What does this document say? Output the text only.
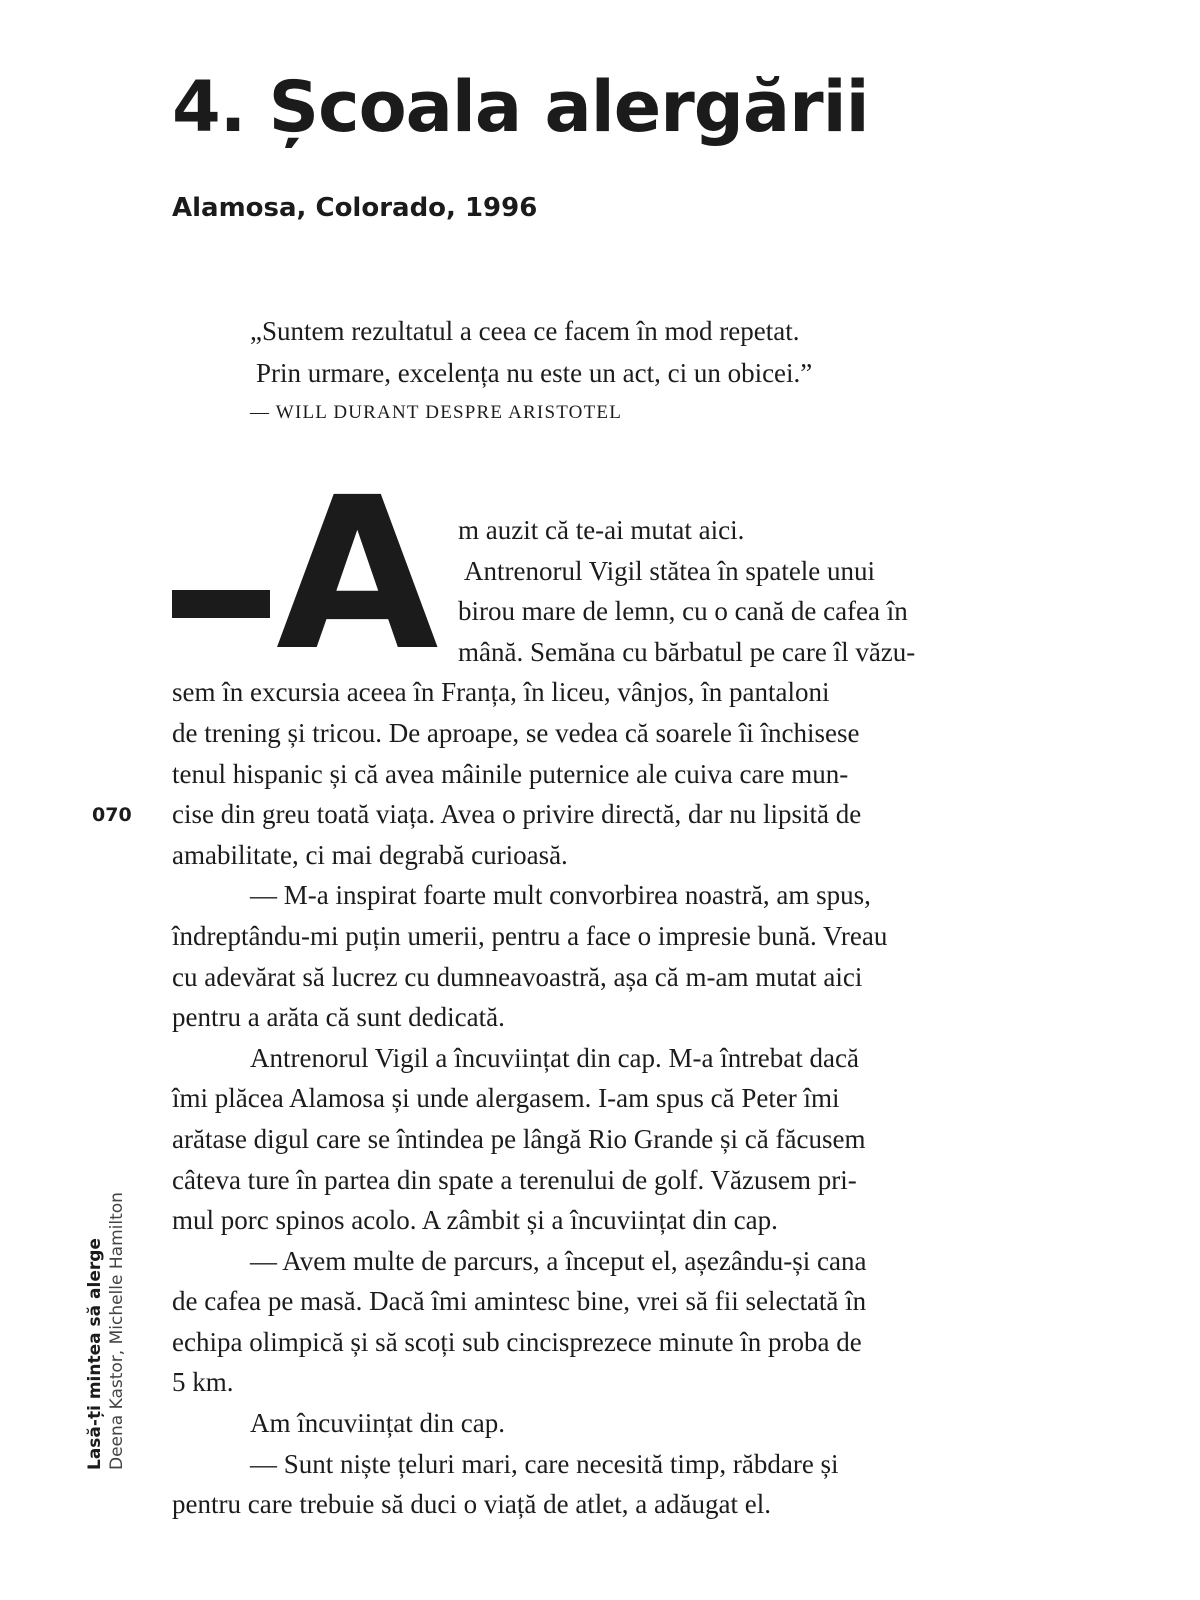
4. Școala alergării
Alamosa, Colorado, 1996
„Suntem rezultatul a ceea ce facem în mod repetat.
Prin urmare, excelența nu este un act, ci un obicei.”
— WILL DURANT DESPRE ARISTOTEL
A m auzit că te-ai mutat aici.
Antrenorul Vigil stătea în spatele unui
birou mare de lemn, cu o cană de cafea în
mână. Semăna cu bărbatul pe care îl văzu-
sem în excursia aceea în Franța, în liceu, vânjos, în pantaloni
de trening și tricou. De aproape, se vedea că soarele îi închisese
tenul hispanic și că avea mâinile puternice ale cuiva care mun-
cise din greu toată viața. Avea o privire directă, dar nu lipsită de
amabilitate, ci mai degrabă curioasă.
— M-a inspirat foarte mult convorbirea noastră, am spus,
îndreptându-mi puțin umerii, pentru a face o impresie bună. Vreau
cu adevărat să lucrez cu dumneavoastră, așa că m-am mutat aici
pentru a arăta că sunt dedicată.
Antrenorul Vigil a încuviințat din cap. M-a întrebat dacă
îmi plăcea Alamosa și unde alergasem. I-am spus că Peter îmi
arătase digul care se întindea pe lângă Rio Grande și că făcusem
câteva ture în partea din spate a terenului de golf. Văzusem pri-
mul porc spinos acolo. A zâmbit și a încuviințat din cap.
— Avem multe de parcurs, a început el, așezându-și cana
de cafea pe masă. Dacă îmi amintesc bine, vrei să fii selectată în
echipa olimpică și să scoți sub cincisprezece minute în proba de
5 km.
Am încuviințat din cap.
— Sunt niște țeluri mari, care necesită timp, răbdare și
pentru care trebuie să duci o viață de atlet, a adăugat el.
070
Lasă-ți mintea să alerge Deena Kastor, Michelle Hamilton
